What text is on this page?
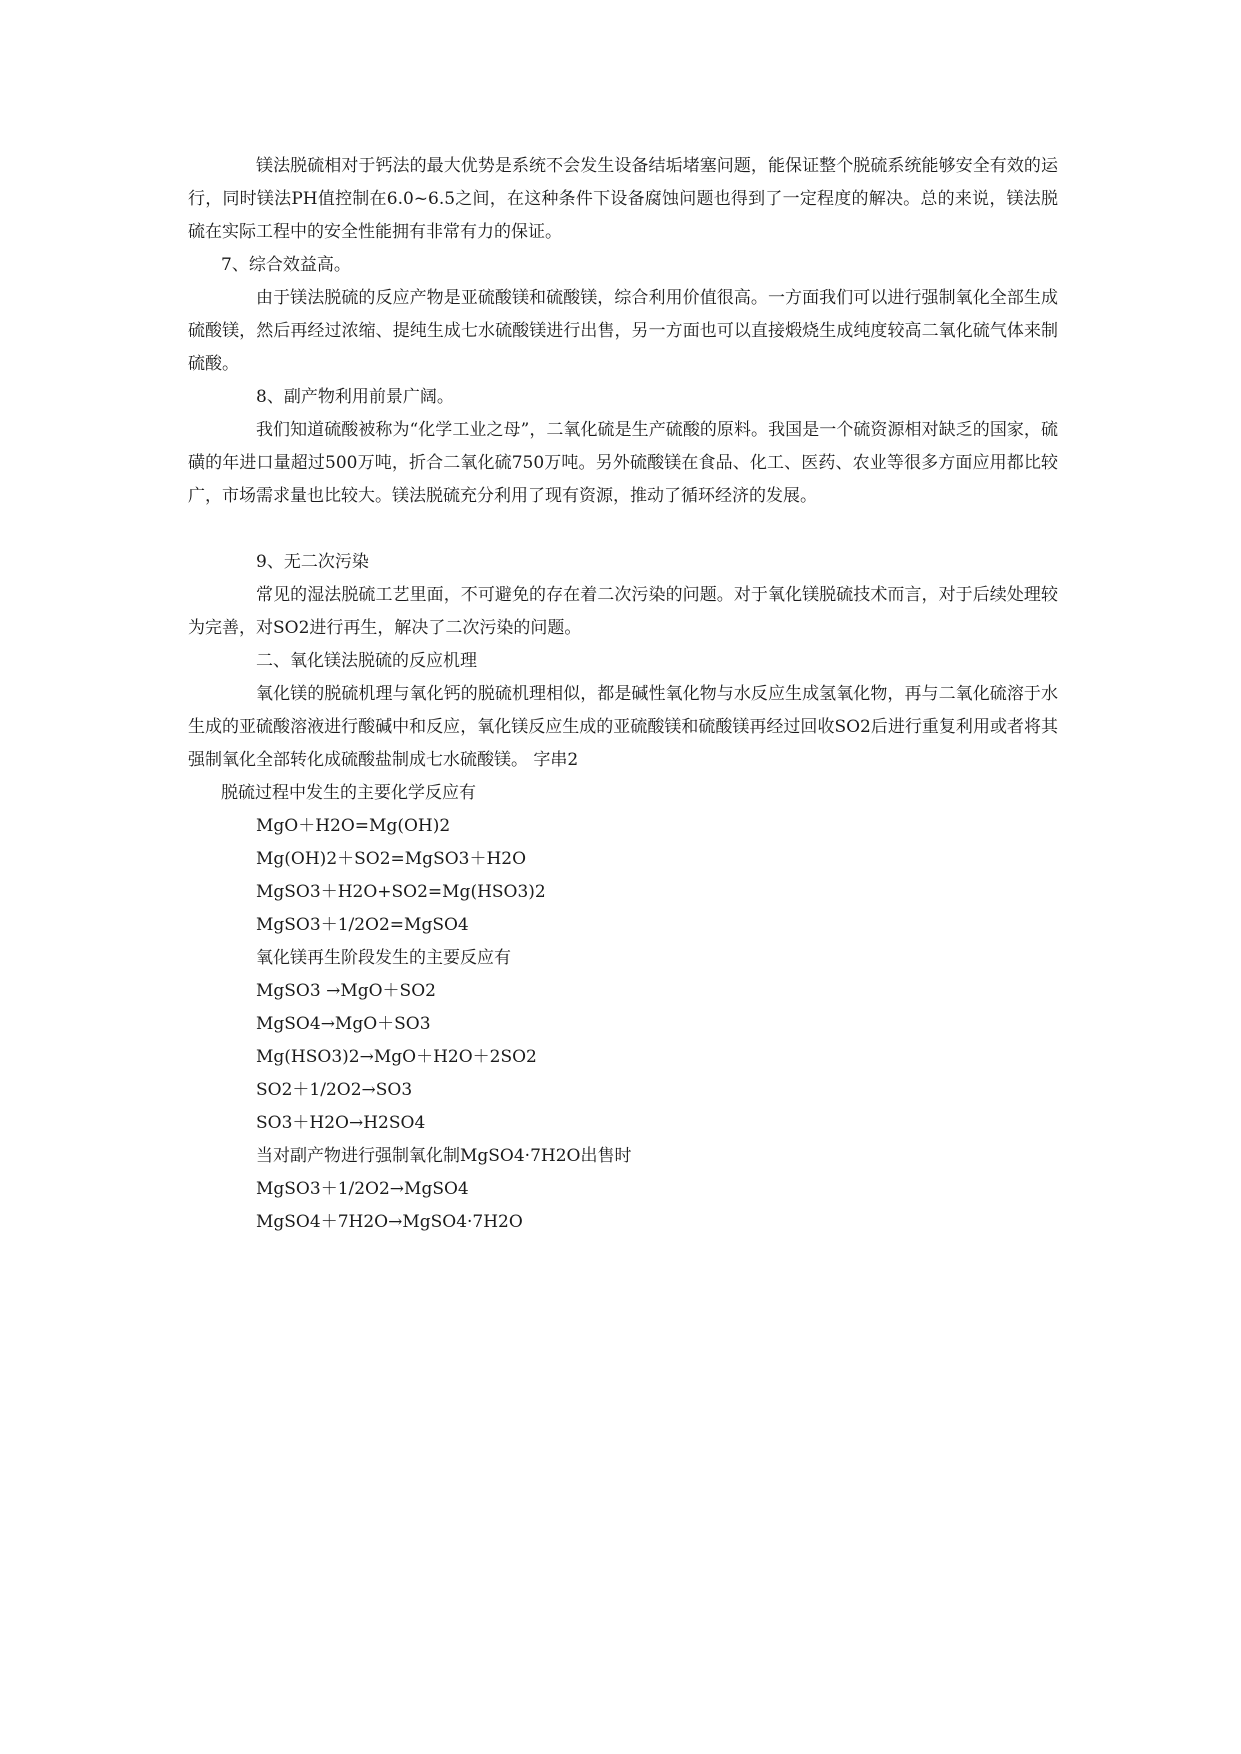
镁法脱硫相对于钙法的最大优势是系统不会发生设备结垢堵塞问题，能保证整个脱硫系统能够安全有效的运行，同时镁法PH值控制在6.0~6.5之间，在这种条件下设备腐蚀问题也得到了一定程度的解决。总的来说，镁法脱硫在实际工程中的安全性能拥有非常有力的保证。

7、综合效益高。

由于镁法脱硫的反应产物是亚硫酸镁和硫酸镁，综合利用价值很高。一方面我们可以进行强制氧化全部生成硫酸镁，然后再经过浓缩、提纯生成七水硫酸镁进行出售，另一方面也可以直接煅烧生成纯度较高二氧化硫气体来制硫酸。

8、副产物利用前景广阔。

我们知道硫酸被称为“化学工业之母”，二氧化硫是生产硫酸的原料。我国是一个硫资源相对缺乏的国家，硫磺的年进口量超过500万吨，折合二氧化硫750万吨。另外硫酸镁在食品、化工、医药、农业等很多方面应用都比较广，市场需求量也比较大。镁法脱硫充分利用了现有资源，推动了循环经济的发展。

9、无二次污染

常见的湿法脱硫工艺里面，不可避免的存在着二次污染的问题。对于氧化镁脱硫技术而言，对于后续处理较为完善，对SO2进行再生，解决了二次污染的问题。

二、氧化镁法脱硫的反应机理

氧化镁的脱硫机理与氧化钙的脱硫机理相似，都是碱性氧化物与水反应生成氢氧化物，再与二氧化硫溶于水生成的亚硫酸溶液进行酸碱中和反应，氧化镁反应生成的亚硫酸镁和硫酸镁再经过回收SO2后进行重复利用或者将其强制氧化全部转化成硫酸盐制成七水硫酸镁。 字串2

脱硫过程中发生的主要化学反应有

MgO＋H2O=Mg(OH)2

Mg(OH)2＋SO2=MgSO3＋H2O

MgSO3＋H2O+SO2=Mg(HSO3)2

MgSO3＋1/2O2=MgSO4

氧化镁再生阶段发生的主要反应有

MgSO3 →MgO＋SO2

MgSO4→MgO＋SO3

Mg(HSO3)2→MgO＋H2O＋2SO2

SO2＋1/2O2→SO3

SO3＋H2O→H2SO4

当对副产物进行强制氧化制MgSO4·7H2O出售时

MgSO3＋1/2O2→MgSO4

MgSO4＋7H2O→MgSO4·7H2O
